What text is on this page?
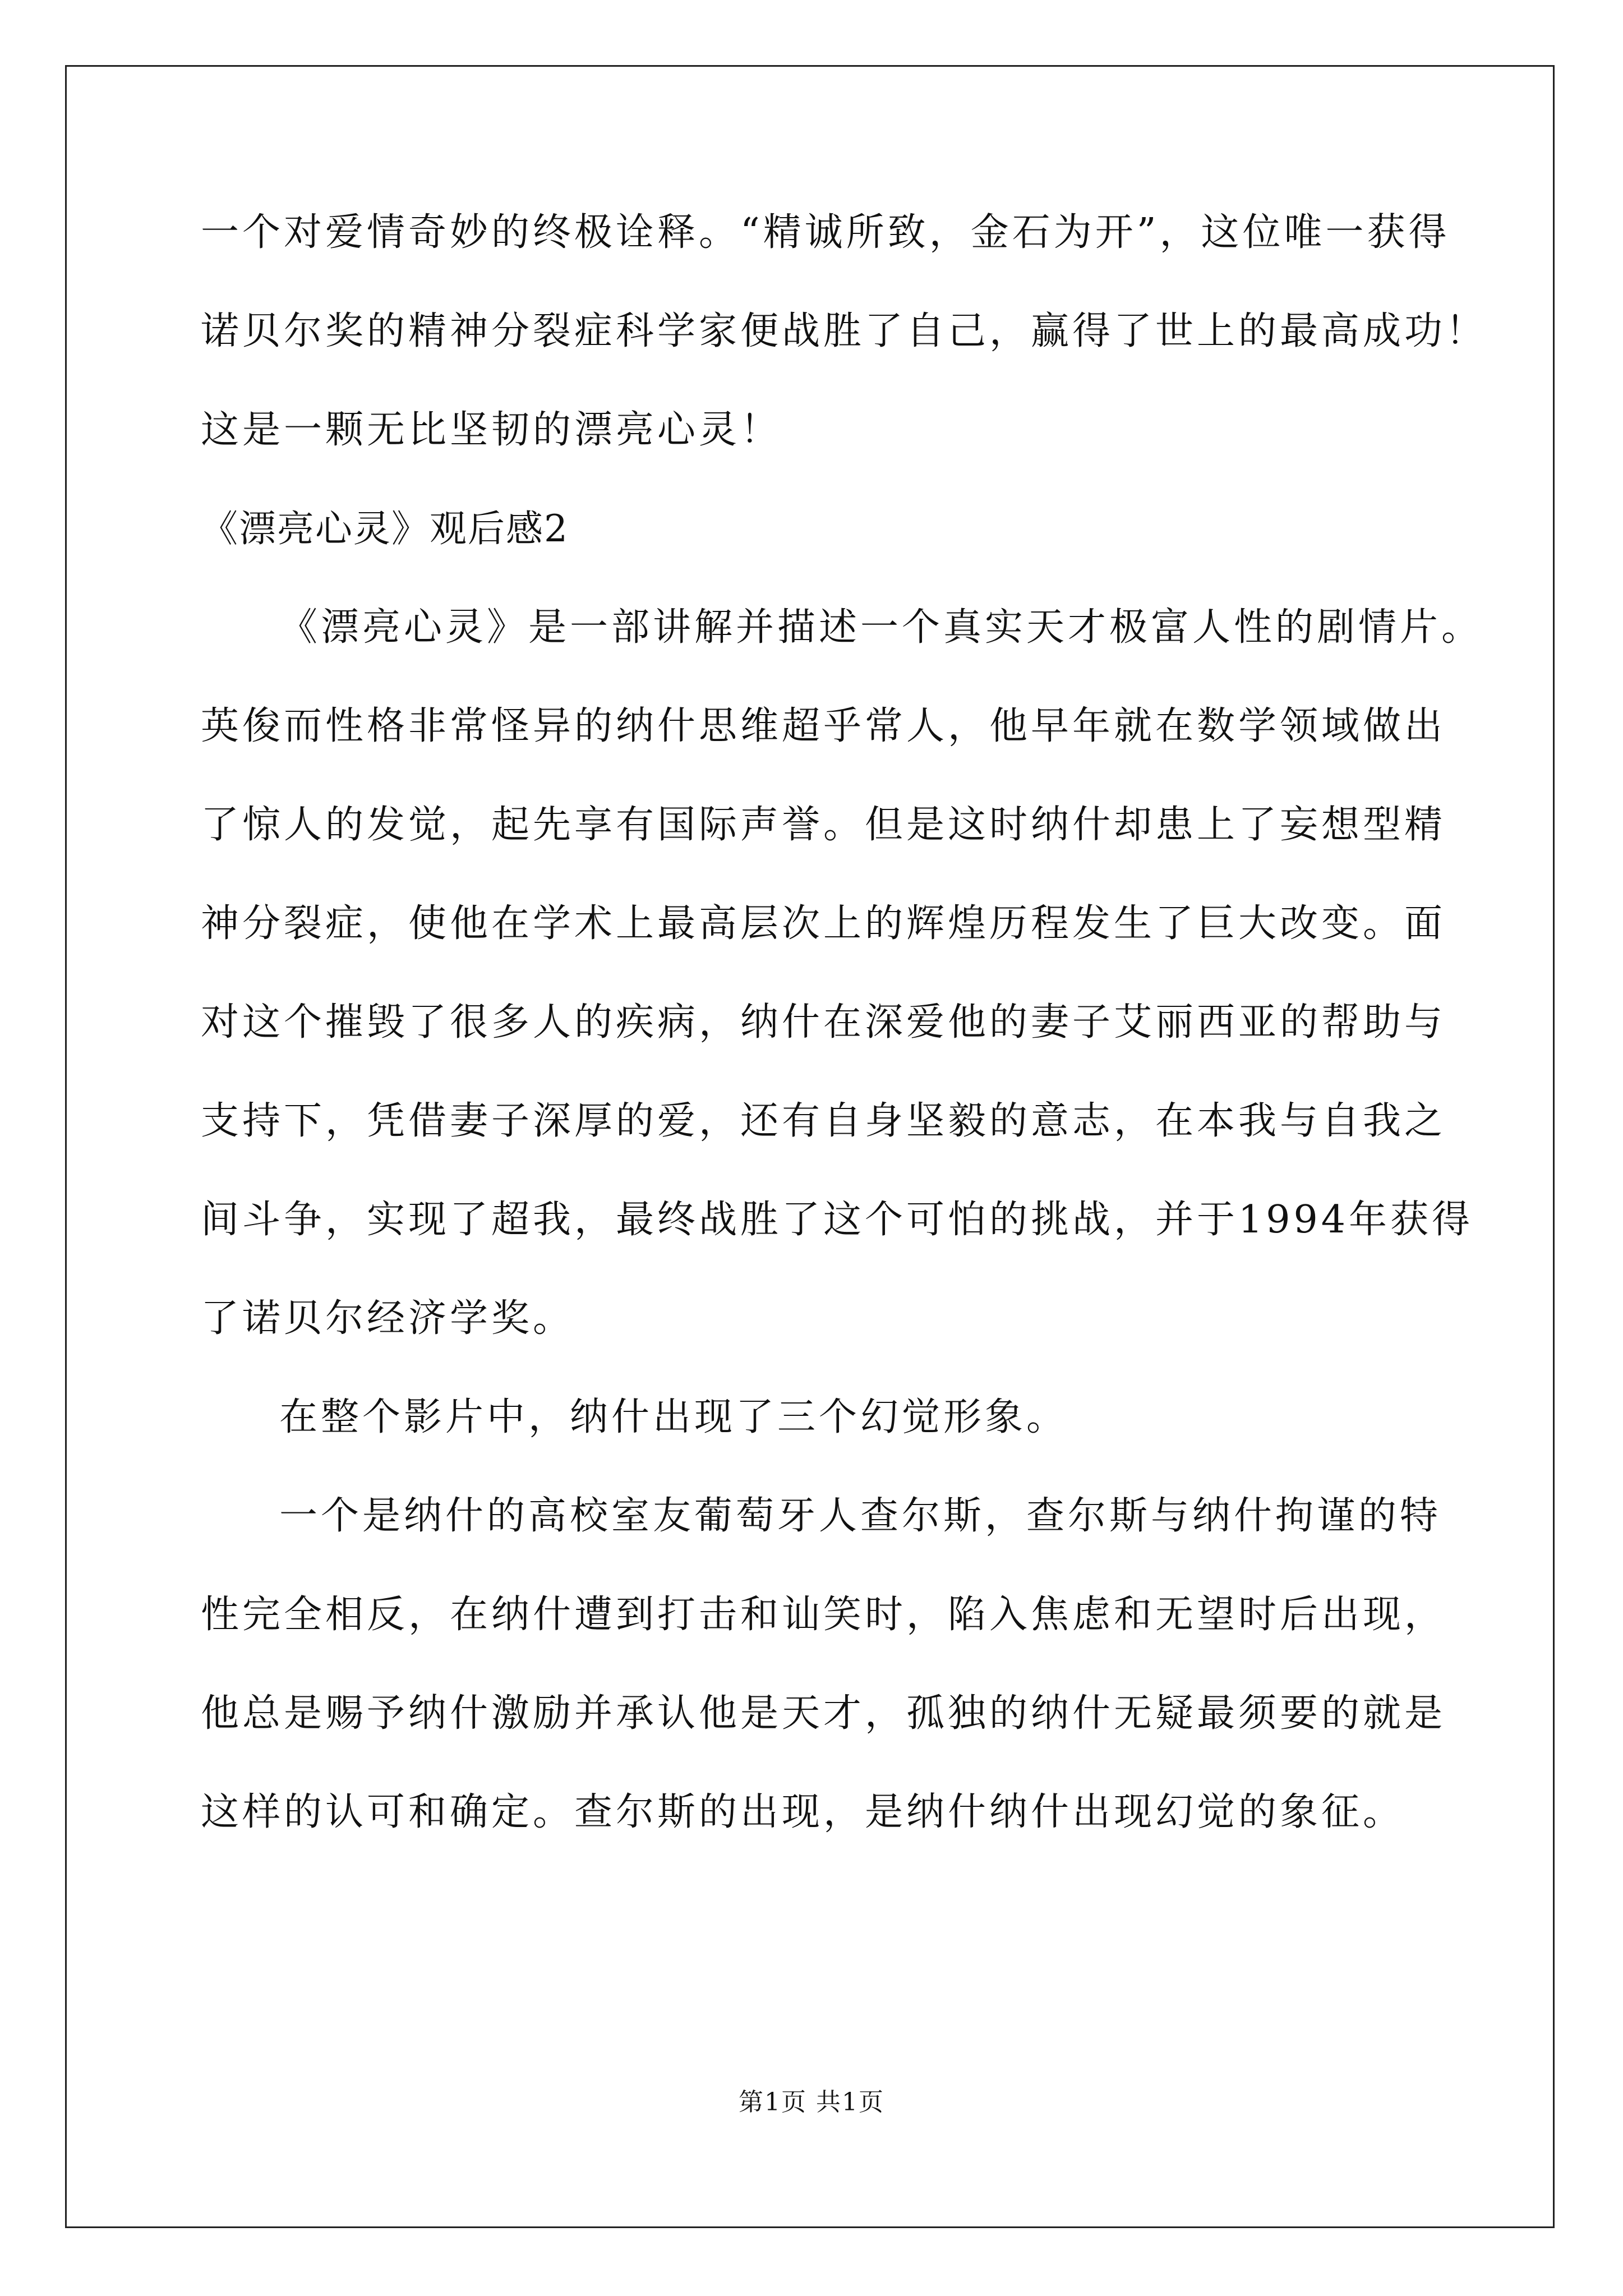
一个对爱情奇妙的终极诠释。“精诚所致，金石为开”，这位唯一获得
诺贝尔奖的精神分裂症科学家便战胜了自己，赢得了世上的最高成功！
这是一颗无比坚韧的漂亮心灵！
《漂亮心灵》观后感2
《漂亮心灵》是一部讲解并描述一个真实天才极富人性的剧情片。
英俊而性格非常怪异的纳什思维超乎常人，他早年就在数学领域做出
了惊人的发觉，起先享有国际声誉。但是这时纳什却患上了妄想型精
神分裂症，使他在学术上最高层次上的辉煌历程发生了巨大改变。面
对这个摧毁了很多人的疾病，纳什在深爱他的妻子艾丽西亚的帮助与
支持下，凭借妻子深厚的爱，还有自身坚毅的意志，在本我与自我之
间斗争，实现了超我，最终战胜了这个可怕的挑战，并于1994年获得
了诺贝尔经济学奖。
在整个影片中，纳什出现了三个幻觉形象。
一个是纳什的高校室友葡萄牙人查尔斯，查尔斯与纳什拘谨的特
性完全相反，在纳什遭到打击和讪笑时，陷入焦虑和无望时后出现，
他总是赐予纳什激励并承认他是天才，孤独的纳什无疑最须要的就是
这样的认可和确定。查尔斯的出现，是纳什纳什出现幻觉的象征。
第1页 共1页
